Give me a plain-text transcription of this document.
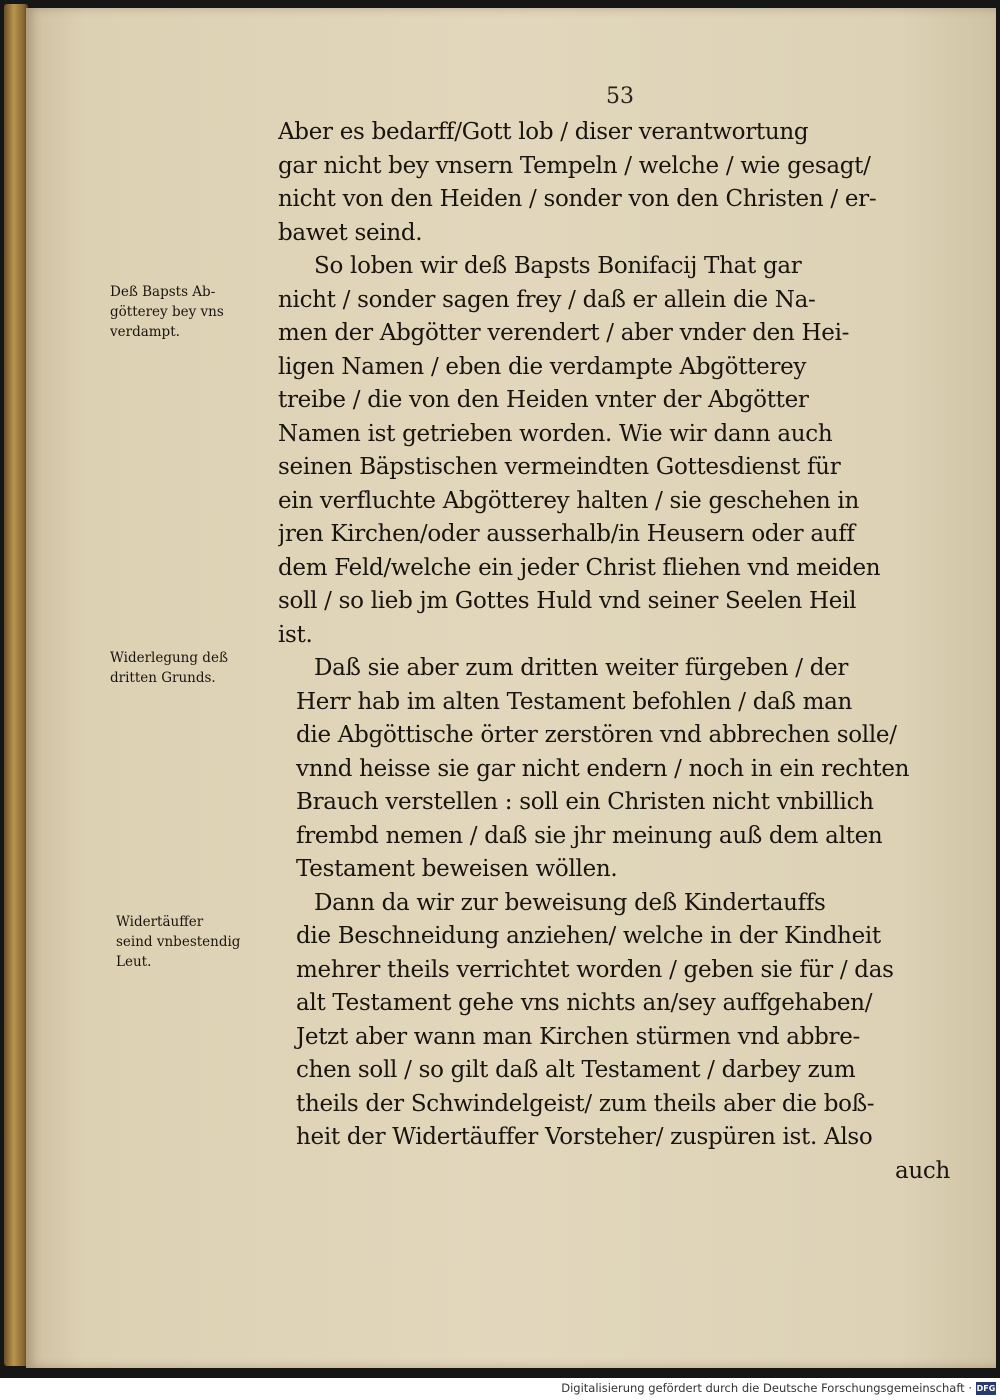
53
Aber es bedarff/Gott lob / diser verantwortung
gar nicht bey vnsern Tempeln / welche / wie gesagt/
nicht von den Heiden / sonder von den Christen / er-
bawet seind.
So loben wir deß Bapsts Bonifacij That gar
nicht / sonder sagen frey / daß er allein die Na-
men der Abgötter verendert / aber vnder den Hei-
ligen Namen / eben die verdampte Abgötterey
treibe / die von den Heiden vnter der Abgötter
Namen ist getrieben worden. Wie wir dann auch
seinen Bäpstischen vermeindten Gottesdienst für
ein verfluchte Abgötterey halten / sie geschehen in
jren Kirchen/oder ausserhalb/in Heusern oder auff
dem Feld/welche ein jeder Christ fliehen vnd meiden
soll / so lieb jm Gottes Huld vnd seiner Seelen Heil
ist.
Daß sie aber zum dritten weiter fürgeben / der
Herr hab im alten Testament befohlen / daß man
die Abgöttische örter zerstören vnd abbrechen solle/
vnnd heisse sie gar nicht endern / noch in ein rechten
Brauch verstellen : soll ein Christen nicht vnbillich
frembd nemen / daß sie jhr meinung auß dem alten
Testament beweisen wöllen.
Dann da wir zur beweisung deß Kindertauffs
die Beschneidung anziehen/ welche in der Kindheit
mehrer theils verrichtet worden / geben sie für / das
alt Testament gehe vns nichts an/sey auffgehaben/
Jetzt aber wann man Kirchen stürmen vnd abbre-
chen soll / so gilt daß alt Testament / darbey zum
theils der Schwindelgeist/ zum theils aber die boß-
heit der Widertäuffer Vorsteher/ zuspüren ist. Also
auch
Deß Bapsts Ab-
götterey bey vns
verdampt.
Widerlegung deß
dritten Grunds.
Widertäuffer
seind vnbestendig
Leut.
Digitalisierung gefördert durch die Deutsche Forschungsgemeinschaft · DFG
